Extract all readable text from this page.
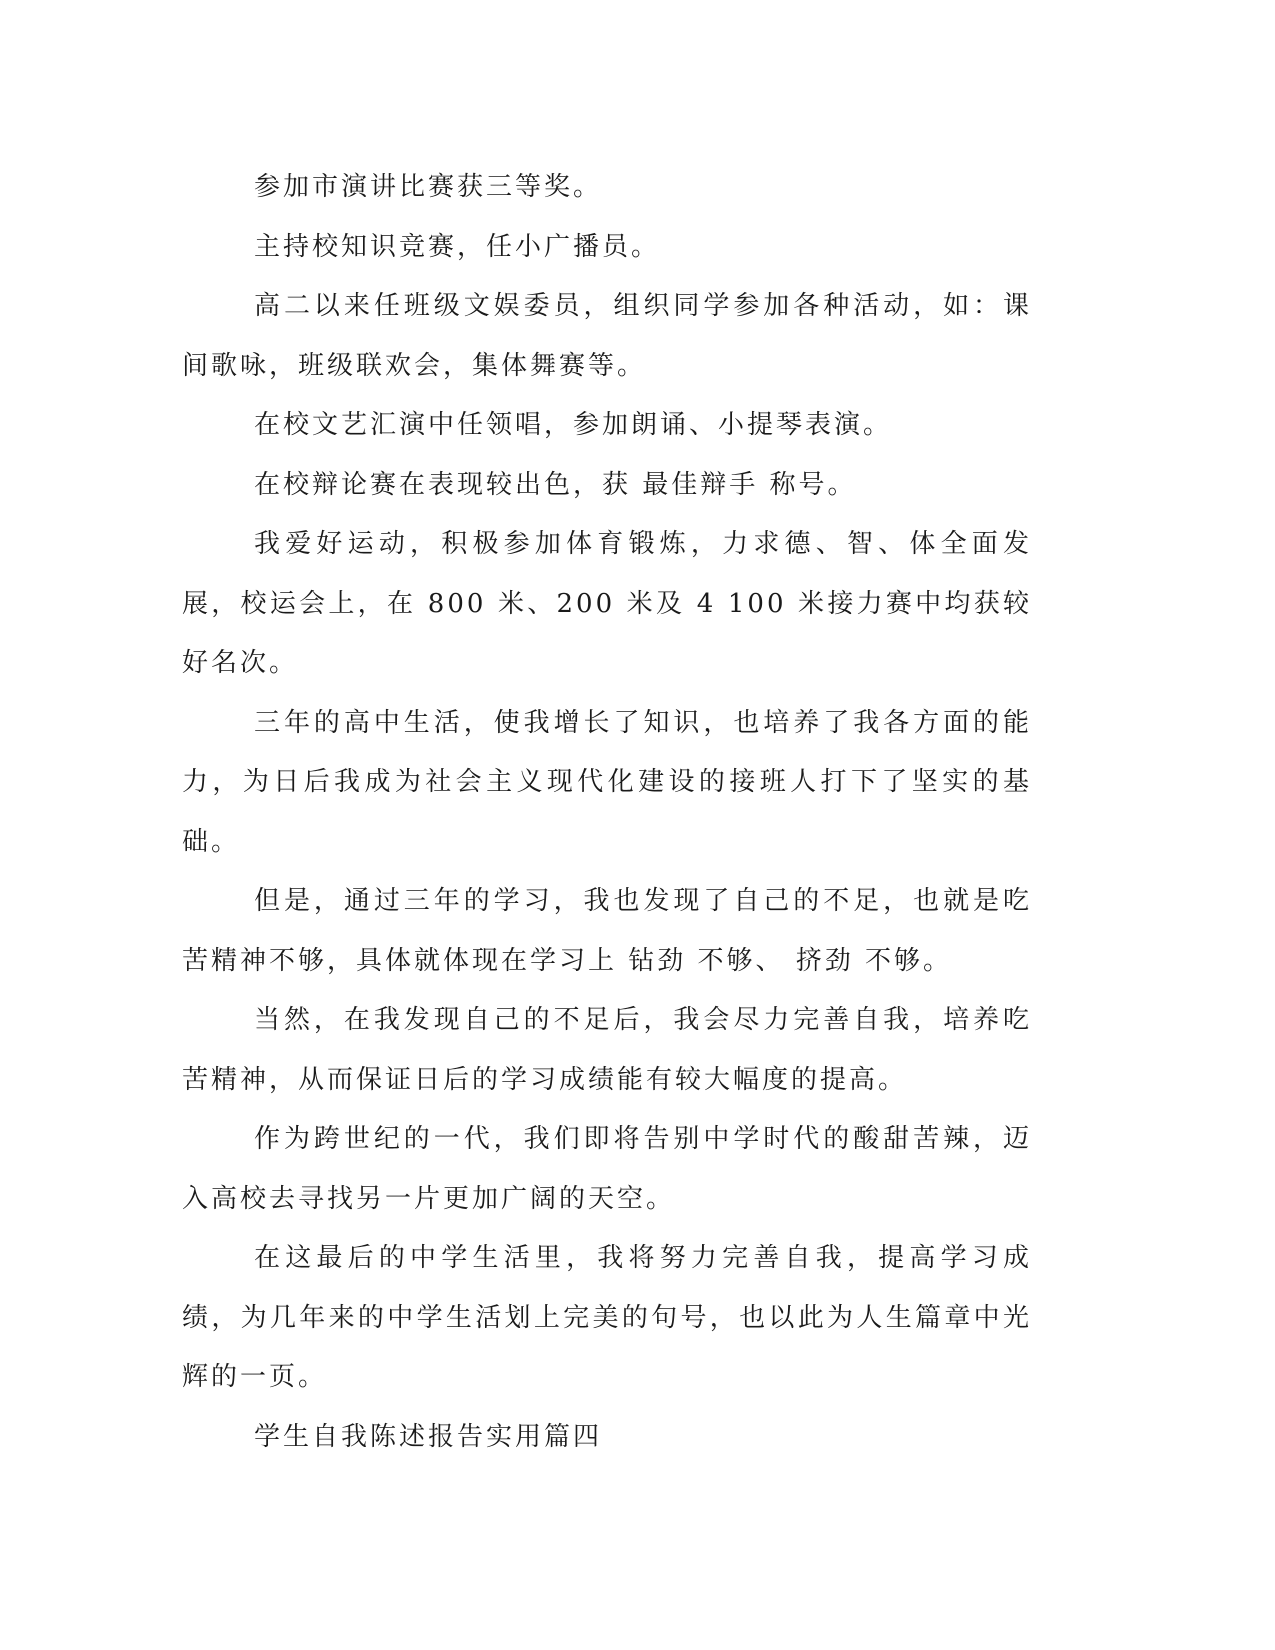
参加市演讲比赛获三等奖。

主持校知识竞赛，任小广播员。

高二以来任班级文娱委员，组织同学参加各种活动，如：课间歌咏，班级联欢会，集体舞赛等。

在校文艺汇演中任领唱，参加朗诵、小提琴表演。

在校辩论赛在表现较出色，获 最佳辩手 称号。

我爱好运动，积极参加体育锻炼，力求德、智、体全面发展，校运会上，在 800 米、200 米及 4 100 米接力赛中均获较好名次。

三年的高中生活，使我增长了知识，也培养了我各方面的能力，为日后我成为社会主义现代化建设的接班人打下了坚实的基础。

但是，通过三年的学习，我也发现了自己的不足，也就是吃苦精神不够，具体就体现在学习上 钻劲 不够、 挤劲 不够。

当然，在我发现自己的不足后，我会尽力完善自我，培养吃苦精神，从而保证日后的学习成绩能有较大幅度的提高。

作为跨世纪的一代，我们即将告别中学时代的酸甜苦辣，迈入高校去寻找另一片更加广阔的天空。

在这最后的中学生活里，我将努力完善自我，提高学习成绩，为几年来的中学生活划上完美的句号，也以此为人生篇章中光辉的一页。

学生自我陈述报告实用篇四
